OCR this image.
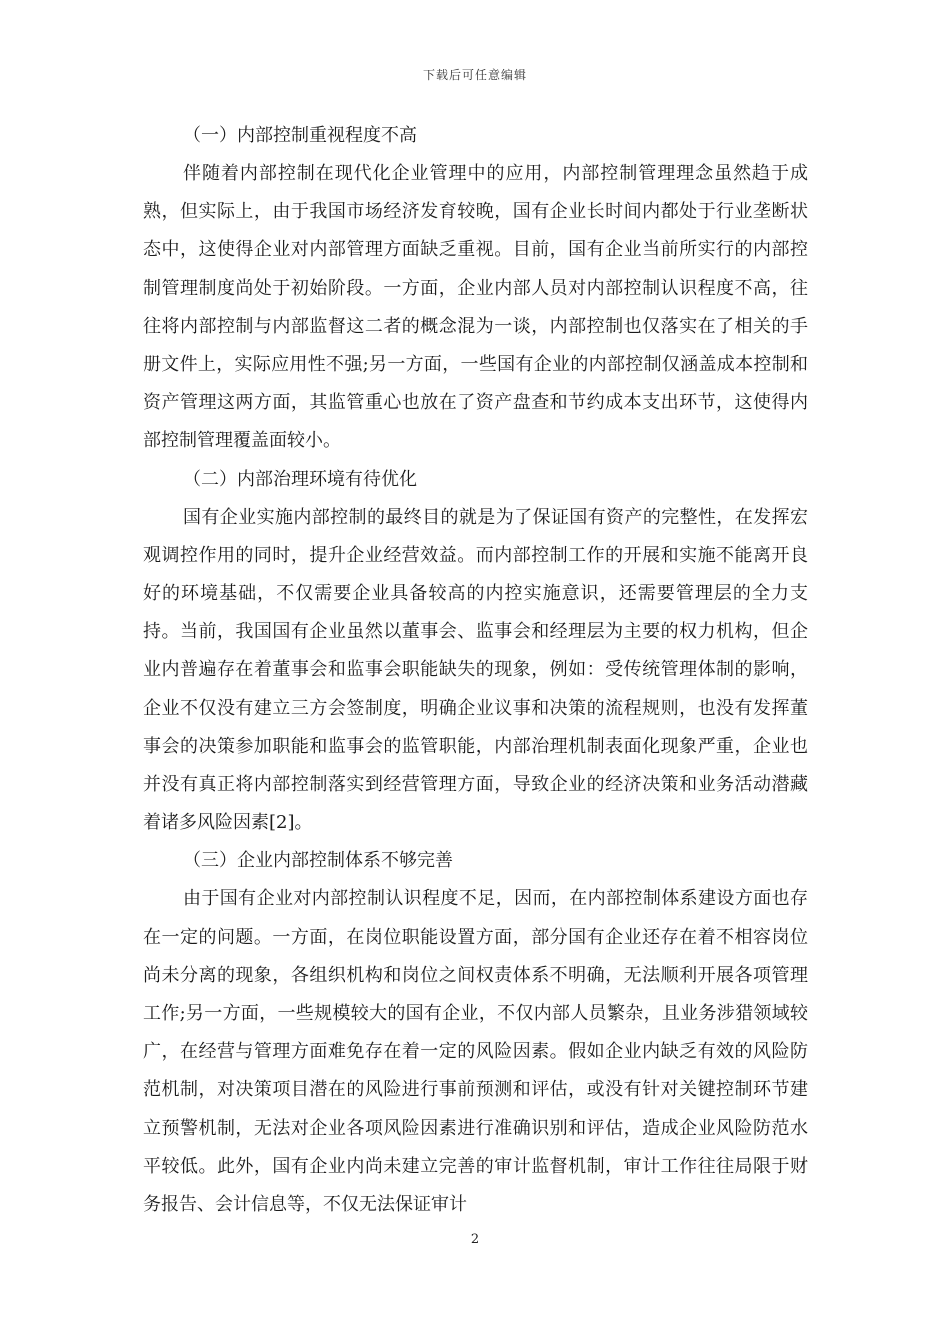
下载后可任意编辑
（一）内部控制重视程度不高

伴随着内部控制在现代化企业管理中的应用，内部控制管理理念虽然趋于成熟，但实际上，由于我国市场经济发育较晚，国有企业长时间内都处于行业垄断状态中，这使得企业对内部管理方面缺乏重视。目前，国有企业当前所实行的内部控制管理制度尚处于初始阶段。一方面，企业内部人员对内部控制认识程度不高，往往将内部控制与内部监督这二者的概念混为一谈，内部控制也仅落实在了相关的手册文件上，实际应用性不强;另一方面，一些国有企业的内部控制仅涵盖成本控制和资产管理这两方面，其监管重心也放在了资产盘查和节约成本支出环节，这使得内部控制管理覆盖面较小。

（二）内部治理环境有待优化

国有企业实施内部控制的最终目的就是为了保证国有资产的完整性，在发挥宏观调控作用的同时，提升企业经营效益。而内部控制工作的开展和实施不能离开良好的环境基础，不仅需要企业具备较高的内控实施意识，还需要管理层的全力支持。当前，我国国有企业虽然以董事会、监事会和经理层为主要的权力机构，但企业内普遍存在着董事会和监事会职能缺失的现象，例如：受传统管理体制的影响，企业不仅没有建立三方会签制度，明确企业议事和决策的流程规则，也没有发挥董事会的决策参加职能和监事会的监管职能，内部治理机制表面化现象严重，企业也并没有真正将内部控制落实到经营管理方面，导致企业的经济决策和业务活动潜藏着诸多风险因素[2]。

（三）企业内部控制体系不够完善

由于国有企业对内部控制认识程度不足，因而，在内部控制体系建设方面也存在一定的问题。一方面，在岗位职能设置方面，部分国有企业还存在着不相容岗位尚未分离的现象，各组织机构和岗位之间权责体系不明确，无法顺利开展各项管理工作;另一方面，一些规模较大的国有企业，不仅内部人员繁杂，且业务涉猎领域较广，在经营与管理方面难免存在着一定的风险因素。假如企业内缺乏有效的风险防范机制，对决策项目潜在的风险进行事前预测和评估，或没有针对关键控制环节建立预警机制，无法对企业各项风险因素进行准确识别和评估，造成企业风险防范水平较低。此外，国有企业内尚未建立完善的审计监督机制，审计工作往往局限于财务报告、会计信息等，不仅无法保证审计

2
